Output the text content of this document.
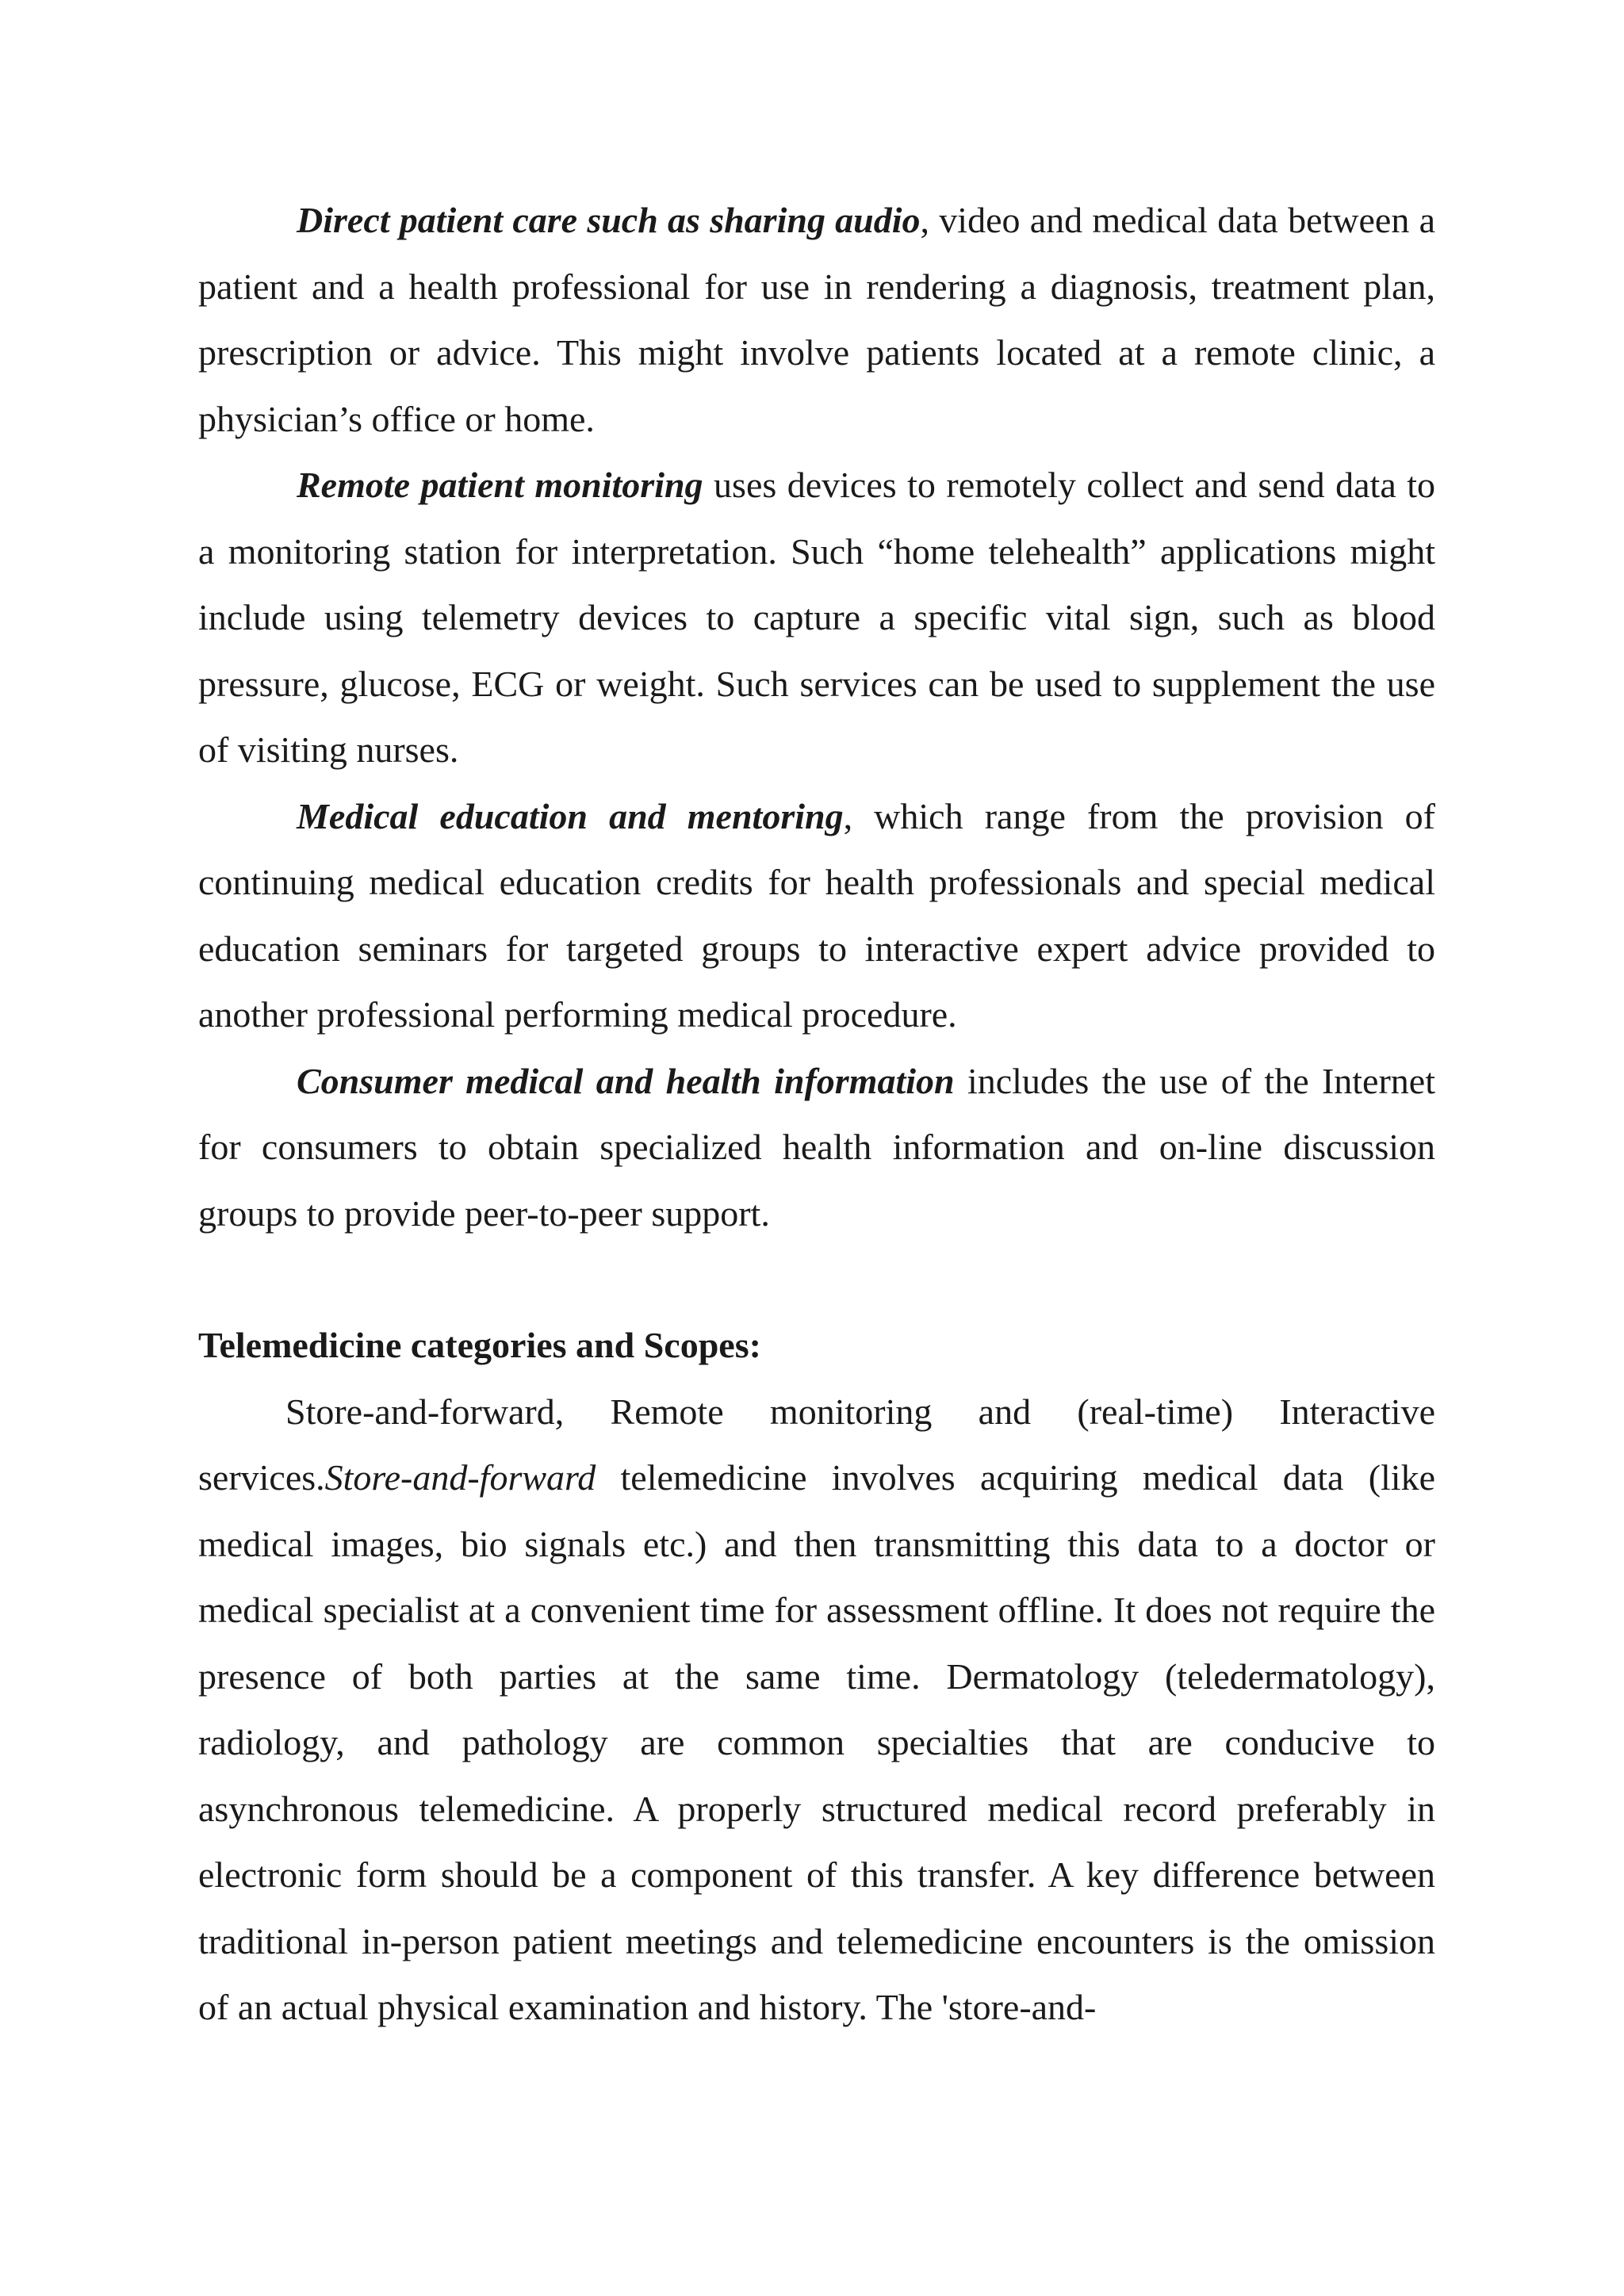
Direct patient care such as sharing audio, video and medical data between a patient and a health professional for use in rendering a diagnosis, treatment plan, prescription or advice. This might involve patients located at a remote clinic, a physician’s office or home.

Remote patient monitoring uses devices to remotely collect and send data to a monitoring station for interpretation. Such “home telehealth” applications might include using telemetry devices to capture a specific vital sign, such as blood pressure, glucose, ECG or weight. Such services can be used to supplement the use of visiting nurses.

Medical education and mentoring, which range from the provision of continuing medical education credits for health professionals and special medical education seminars for targeted groups to interactive expert advice provided to another professional performing medical procedure.

Consumer medical and health information includes the use of the Internet for consumers to obtain specialized health information and on-line discussion groups to provide peer-to-peer support.

Telemedicine categories and Scopes:

Store-and-forward, Remote monitoring and (real-time) Interactive services.Store-and-forward telemedicine involves acquiring medical data (like medical images, bio signals etc.) and then transmitting this data to a doctor or medical specialist at a convenient time for assessment offline. It does not require the presence of both parties at the same time. Dermatology (teledermatology), radiology, and pathology are common specialties that are conducive to asynchronous telemedicine. A properly structured medical record preferably in electronic form should be a component of this transfer. A key difference between traditional in-person patient meetings and telemedicine encounters is the omission of an actual physical examination and history. The 'store-and-
